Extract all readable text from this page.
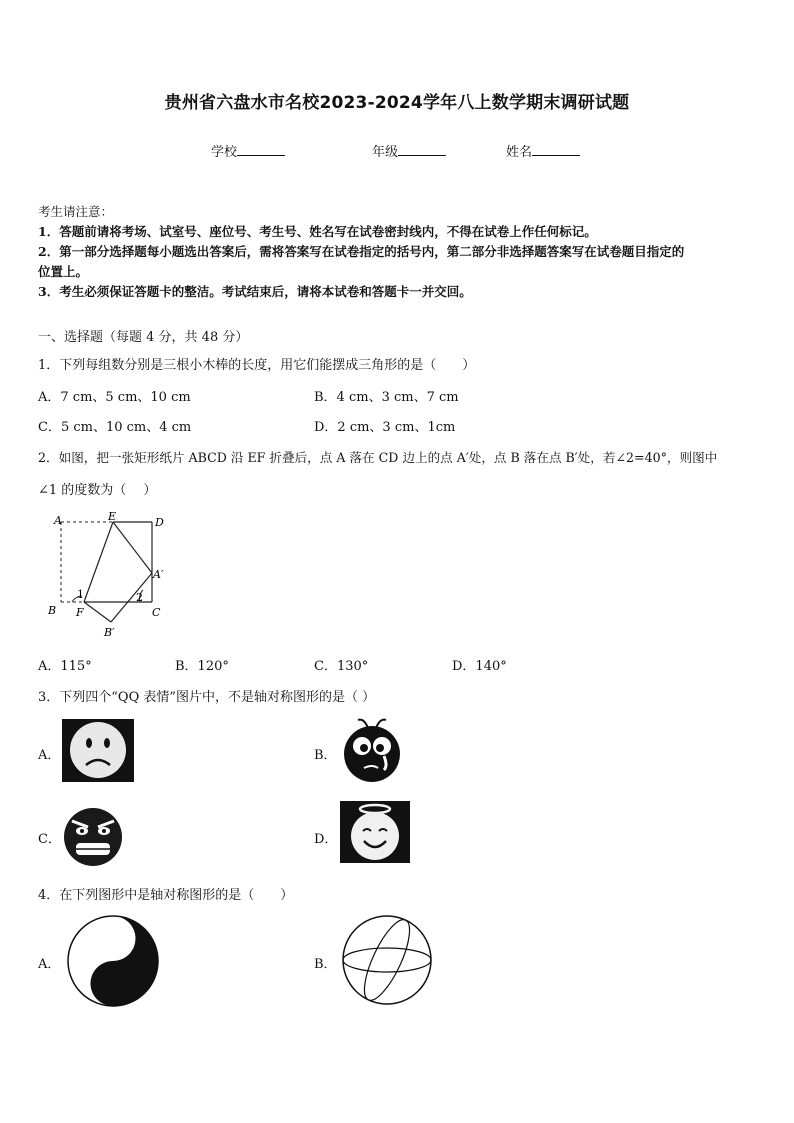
贵州省六盘水市名校2023-2024学年八上数学期末调研试题
学校	年级	姓名
考生请注意：
1．答题前请将考场、试室号、座位号、考生号、姓名写在试卷密封线内，不得在试卷上作任何标记。
2．第一部分选择题每小题选出答案后，需将答案写在试卷指定的括号内，第二部分非选择题答案写在试卷题目指定的
位置上。
3．考生必须保证答题卡的整洁。考试结束后，请将本试卷和答题卡一并交回。
一、选择题（每题 4 分，共 48 分）
1．下列每组数分别是三根小木棒的长度，用它们能摆成三角形的是（　　）
A．7 cm、5 cm、10 cm	B．4 cm、3 cm、7 cm
C．5 cm、10 cm、4 cm	D．2 cm、3 cm、1cm
2．如图，把一张矩形纸片 ABCD 沿 EF 折叠后，点 A 落在 CD 边上的点 A′处，点 B 落在点 B′处，若∠2=40°，则图中
∠1 的度数为（　 ）
A	E	D
A′
1	2
B F	C
B′
A．115°	B．120°	C．130°	D．140°
3．下列四个“QQ 表情”图片中，不是轴对称图形的是（ ）
A．	B．
C．	D．
4．在下列图形中是轴对称图形的是（　　）
A．	B．
